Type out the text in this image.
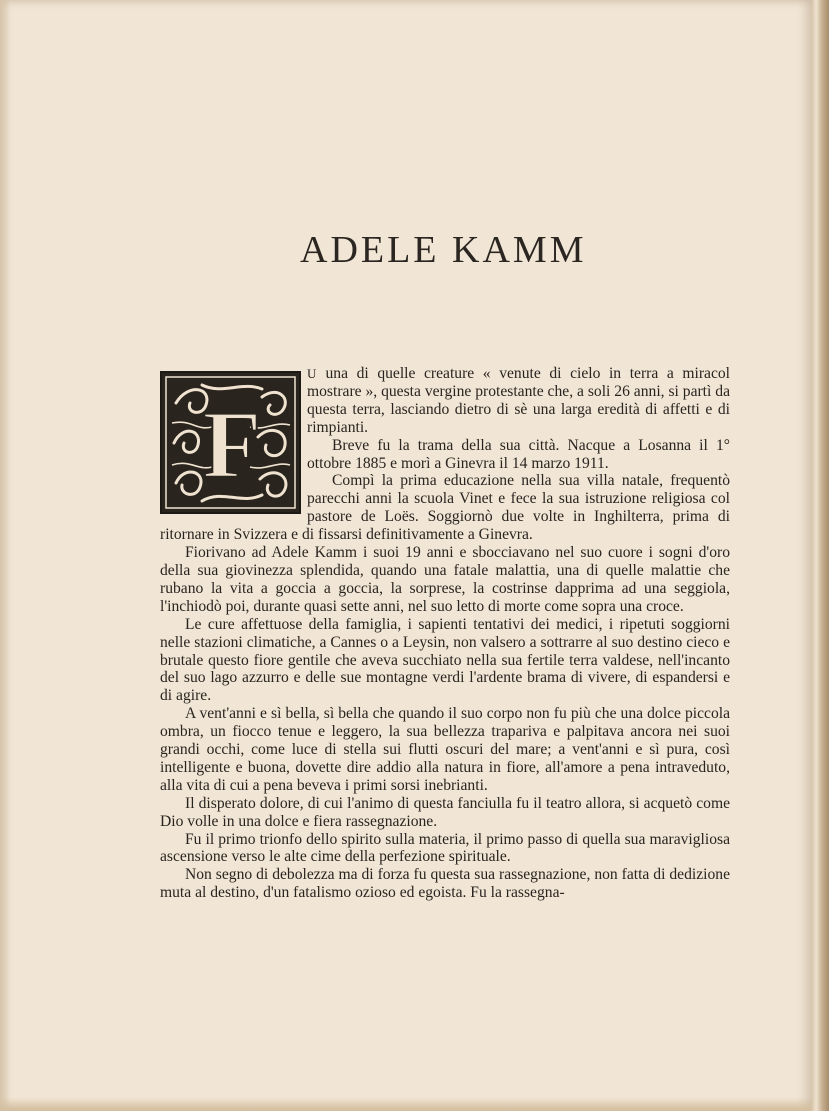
ADELE KAMM

F
U una di quelle creature « venute di cielo in terra a miracol mostrare », questa vergine protestante che, a soli 26 anni, si partì da questa terra, lasciando dietro di sè una larga eredità di affetti e di rimpianti.

Breve fu la trama della sua città. Nacque a Losanna il 1° ottobre 1885 e morì a Ginevra il 14 marzo 1911.

Compì la prima educazione nella sua villa natale, frequentò parecchi anni la scuola Vinet e fece la sua istruzione religiosa col pastore de Loës. Soggiornò due volte in Inghilterra, prima di ritornare in Svizzera e di fissarsi definitivamente a Ginevra.

Fiorivano ad Adele Kamm i suoi 19 anni e sbocciavano nel suo cuore i sogni d'oro della sua giovinezza splendida, quando una fatale malattia, una di quelle malattie che rubano la vita a goccia a goccia, la sorprese, la costrinse dapprima ad una seggiola, l'inchiodò poi, durante quasi sette anni, nel suo letto di morte come sopra una croce.

Le cure affettuose della famiglia, i sapienti tentativi dei medici, i ripetuti soggiorni nelle stazioni climatiche, a Cannes o a Leysin, non valsero a sottrarre al suo destino cieco e brutale questo fiore gentile che aveva succhiato nella sua fertile terra valdese, nell'incanto del suo lago azzurro e delle sue montagne verdi l'ardente brama di vivere, di espandersi e di agire.

A vent'anni e sì bella, sì bella che quando il suo corpo non fu più che una dolce piccola ombra, un fiocco tenue e leggero, la sua bellezza trapariva e palpitava ancora nei suoi grandi occhi, come luce di stella sui flutti oscuri del mare; a vent'anni e sì pura, così intelligente e buona, dovette dire addio alla natura in fiore, all'amore a pena intraveduto, alla vita di cui a pena beveva i primi sorsi inebrianti.

Il disperato dolore, di cui l'animo di questa fanciulla fu il teatro allora, si acquetò come Dio volle in una dolce e fiera rassegnazione.

Fu il primo trionfo dello spirito sulla materia, il primo passo di quella sua maravigliosa ascensione verso le alte cime della perfezione spirituale.

Non segno di debolezza ma di forza fu questa sua rassegnazione, non fatta di dedizione muta al destino, d'un fatalismo ozioso ed egoista. Fu la rassegna-
